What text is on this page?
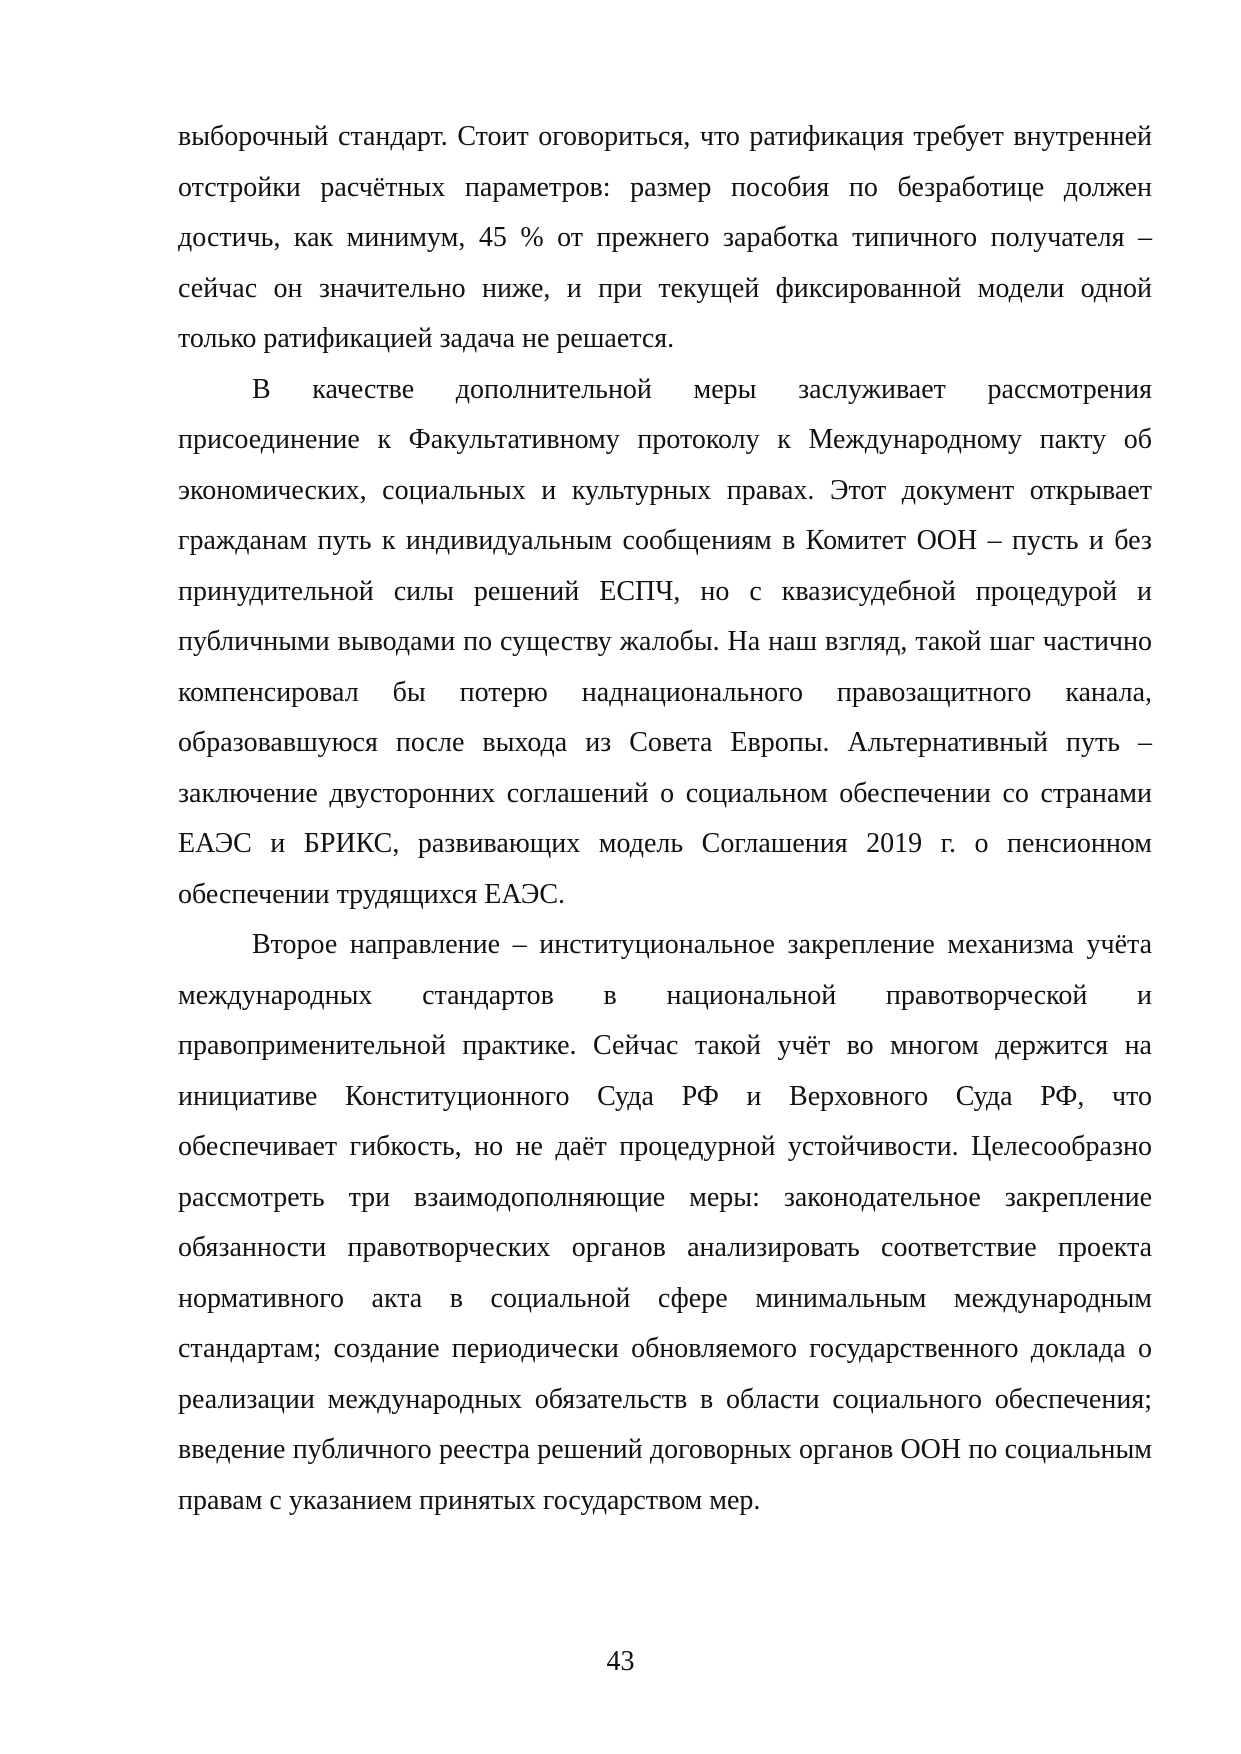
выборочный стандарт. Стоит оговориться, что ратификация требует внутренней отстройки расчётных параметров: размер пособия по безработице должен достичь, как минимум, 45 % от прежнего заработка типичного получателя – сейчас он значительно ниже, и при текущей фиксированной модели одной только ратификацией задача не решается.

В качестве дополнительной меры заслуживает рассмотрения присоединение к Факультативному протоколу к Международному пакту об экономических, социальных и культурных правах. Этот документ открывает гражданам путь к индивидуальным сообщениям в Комитет ООН – пусть и без принудительной силы решений ЕСПЧ, но с квазисудебной процедурой и публичными выводами по существу жалобы. На наш взгляд, такой шаг частично компенсировал бы потерю наднационального правозащитного канала, образовавшуюся после выхода из Совета Европы. Альтернативный путь – заключение двусторонних соглашений о социальном обеспечении со странами ЕАЭС и БРИКС, развивающих модель Соглашения 2019 г. о пенсионном обеспечении трудящихся ЕАЭС.

Второе направление – институциональное закрепление механизма учёта международных стандартов в национальной правотворческой и правоприменительной практике. Сейчас такой учёт во многом держится на инициативе Конституционного Суда РФ и Верховного Суда РФ, что обеспечивает гибкость, но не даёт процедурной устойчивости. Целесообразно рассмотреть три взаимодополняющие меры: законодательное закрепление обязанности правотворческих органов анализировать соответствие проекта нормативного акта в социальной сфере минимальным международным стандартам; создание периодически обновляемого государственного доклада о реализации международных обязательств в области социального обеспечения; введение публичного реестра решений договорных органов ООН по социальным правам с указанием принятых государством мер.

43
